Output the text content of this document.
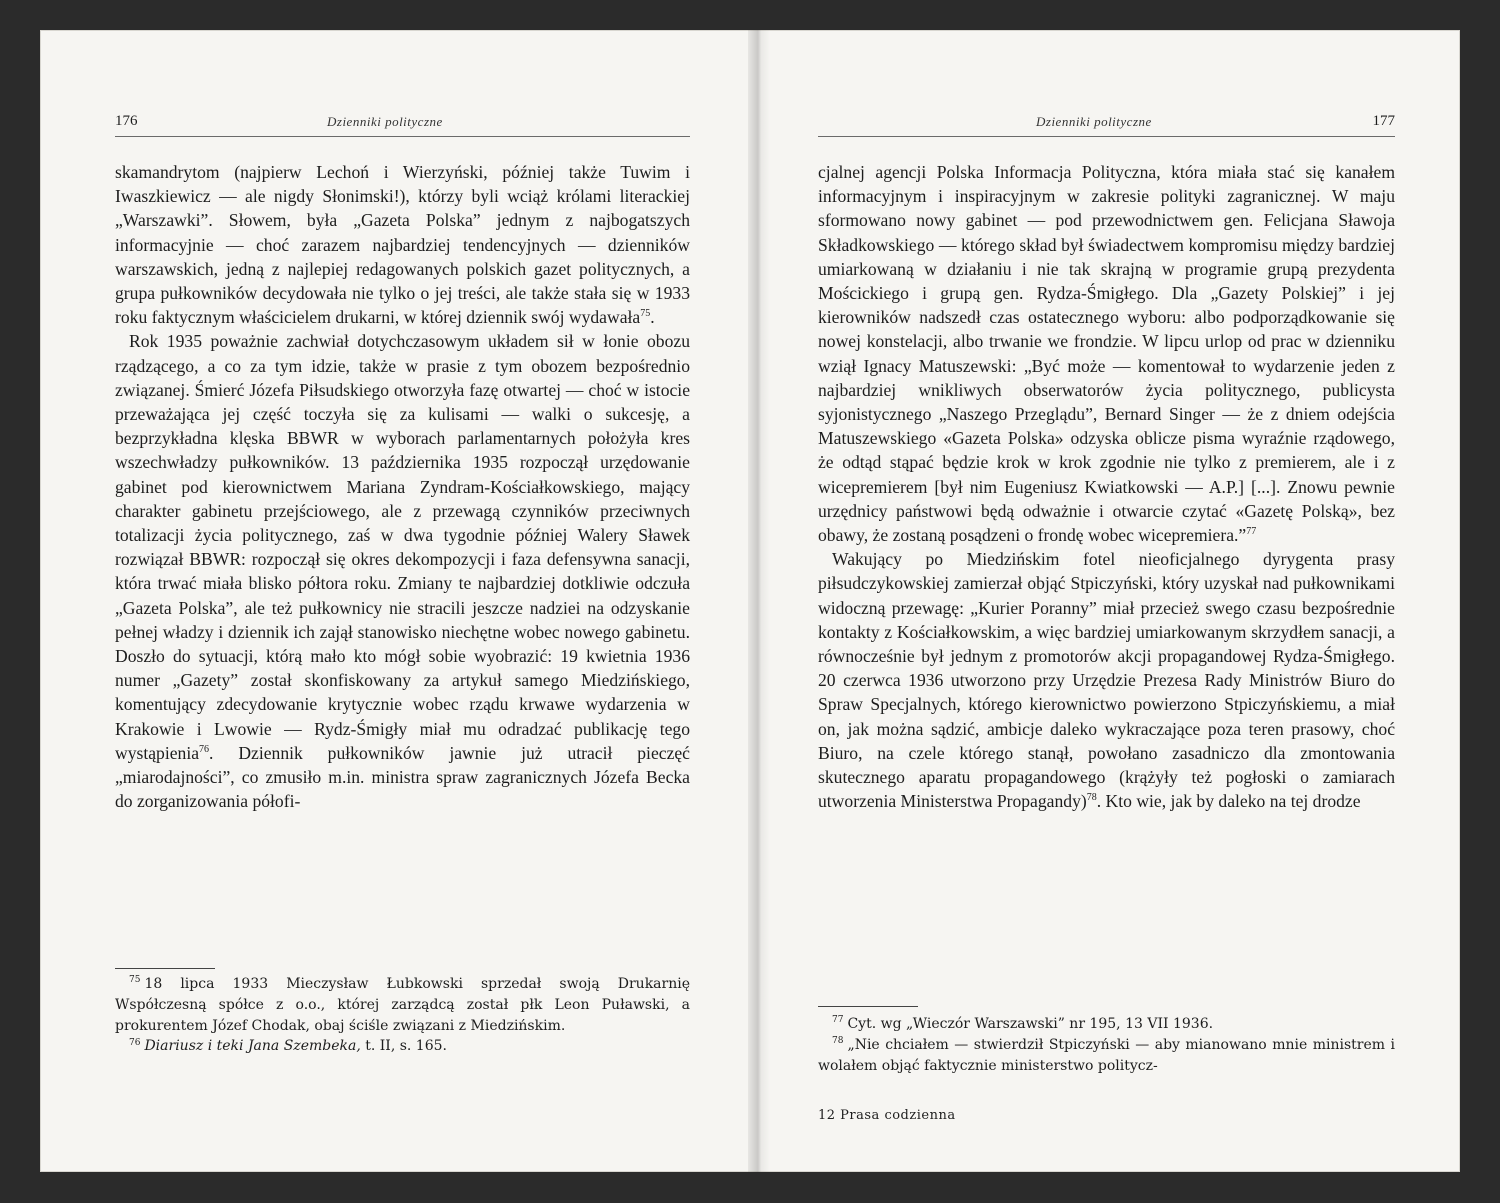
176	Dzienniki polityczne

skamandrytom (najpierw Lechoń i Wierzyński, później także Tuwim i Iwaszkiewicz — ale nigdy Słonimski!), którzy byli wciąż królami literackiej „Warszawki”. Słowem, była „Gazeta Polska” jednym z najbogatszych informacyjnie — choć zarazem najbardziej tendencyjnych — dzienników warszawskich, jedną z najlepiej redagowanych polskich gazet politycznych, a grupa pułkowników decydowała nie tylko o jej treści, ale także stała się w 1933 roku faktycznym właścicielem drukarni, w której dziennik swój wydawała$^{75}$.

Rok 1935 poważnie zachwiał dotychczasowym układem sił w łonie obozu rządzącego, a co za tym idzie, także w prasie z tym obozem bezpośrednio związanej. Śmierć Józefa Piłsudskiego otworzyła fazę otwartej — choć w istocie przeważająca jej część toczyła się za kulisami — walki o sukcesję, a bezprzykładna klęska BBWR w wyborach parlamentarnych położyła kres wszechwładzy pułkowników. 13 października 1935 rozpoczął urzędowanie gabinet pod kierownictwem Mariana Zyndram-Kościałkowskiego, mający charakter gabinetu przejściowego, ale z przewagą czynników przeciwnych totalizacji życia politycznego, zaś w dwa tygodnie później Walery Sławek rozwiązał BBWR: rozpoczął się okres dekompozycji i faza defensywna sanacji, która trwać miała blisko półtora roku. Zmiany te najbardziej dotkliwie odczuła „Gazeta Polska”, ale też pułkownicy nie stracili jeszcze nadziei na odzyskanie pełnej władzy i dziennik ich zajął stanowisko niechętne wobec nowego gabinetu. Doszło do sytuacji, którą mało kto mógł sobie wyobrazić: 19 kwietnia 1936 numer „Gazety” został skonfiskowany za artykuł samego Miedzińskiego, komentujący zdecydowanie krytycznie wobec rządu krwawe wydarzenia w Krakowie i Lwowie — Rydz-Śmigły miał mu odradzać publikację tego wystąpienia$^{76}$. Dziennik pułkowników jawnie już utracił pieczęć „miarodajności”, co zmusiło m.in. ministra spraw zagranicznych Józefa Becka do zorganizowania półofi-

$^{75}$ 18 lipca 1933 Mieczysław Łubkowski sprzedał swoją Drukarnię Współczesną spółce z o.o., której zarządcą został płk Leon Puławski, a prokurentem Józef Chodak, obaj ściśle związani z Miedzińskim.

$^{76}$ Diariusz i teki Jana Szembeka, t. II, s. 165.

Dzienniki polityczne	177

cjalnej agencji Polska Informacja Polityczna, która miała stać się kanałem informacyjnym i inspiracyjnym w zakresie polityki zagranicznej. W maju sformowano nowy gabinet — pod przewodnictwem gen. Felicjana Sławoja Składkowskiego — którego skład był świadectwem kompromisu między bardziej umiarkowaną w działaniu i nie tak skrajną w programie grupą prezydenta Mościckiego i grupą gen. Rydza-Śmigłego. Dla „Gazety Polskiej” i jej kierowników nadszedł czas ostatecznego wyboru: albo podporządkowanie się nowej konstelacji, albo trwanie we frondzie. W lipcu urlop od prac w dzienniku wziął Ignacy Matuszewski: „Być może — komentował to wydarzenie jeden z najbardziej wnikliwych obserwatorów życia politycznego, publicysta syjonistycznego „Naszego Przeglądu”, Bernard Singer — że z dniem odejścia Matuszewskiego «Gazeta Polska» odzyska oblicze pisma wyraźnie rządowego, że odtąd stąpać będzie krok w krok zgodnie nie tylko z premierem, ale i z wicepremierem [był nim Eugeniusz Kwiatkowski — A.P.] [...]. Znowu pewnie urzędnicy państwowi będą odważnie i otwarcie czytać «Gazetę Polską», bez obawy, że zostaną posądzeni o frondę wobec wicepremiera.”$^{77}$

Wakujący po Miedzińskim fotel nieoficjalnego dyrygenta prasy piłsudczykowskiej zamierzał objąć Stpiczyński, który uzyskał nad pułkownikami widoczną przewagę: „Kurier Poranny” miał przecież swego czasu bezpośrednie kontakty z Kościałkowskim, a więc bardziej umiarkowanym skrzydłem sanacji, a równocześnie był jednym z promotorów akcji propagandowej Rydza-Śmigłego. 20 czerwca 1936 utworzono przy Urzędzie Prezesa Rady Ministrów Biuro do Spraw Specjalnych, którego kierownictwo powierzono Stpiczyńskiemu, a miał on, jak można sądzić, ambicje daleko wykraczające poza teren prasowy, choć Biuro, na czele którego stanął, powołano zasadniczo dla zmontowania skutecznego aparatu propagandowego (krążyły też pogłoski o zamiarach utworzenia Ministerstwa Propagandy)$^{78}$. Kto wie, jak by daleko na tej drodze

$^{77}$ Cyt. wg „Wieczór Warszawski” nr 195, 13 VII 1936.

$^{78}$ „Nie chciałem — stwierdził Stpiczyński — aby mianowano mnie ministrem i wolałem objąć faktycznie ministerstwo politycz-

12 Prasa codzienna
